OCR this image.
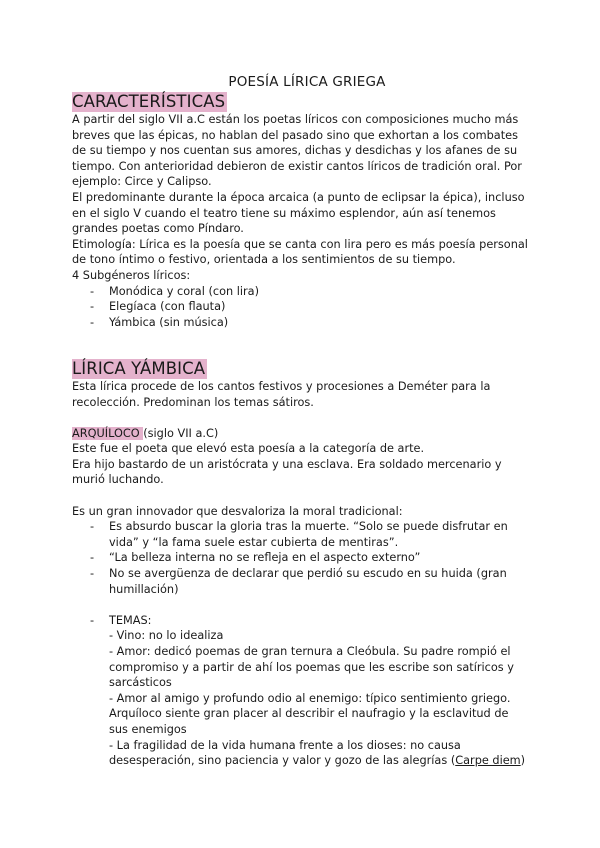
POESÍA LÍRICA GRIEGA
CARACTERÍSTICAS
A partir del siglo VII a.C están los poetas líricos con composiciones mucho más
breves que las épicas, no hablan del pasado sino que exhortan a los combates
de su tiempo y nos cuentan sus amores, dichas y desdichas y los afanes de su
tiempo. Con anterioridad debieron de existir cantos líricos de tradición oral. Por
ejemplo: Circe y Calipso.
El predominante durante la época arcaica (a punto de eclipsar la épica), incluso
en el siglo V cuando el teatro tiene su máximo esplendor, aún así tenemos
grandes poetas como Píndaro.
Etimología: Lírica es la poesía que se canta con lira pero es más poesía personal
de tono íntimo o festivo, orientada a los sentimientos de su tiempo.
4 Subgéneros líricos:
- Monódica y coral (con lira)
- Elegíaca (con flauta)
- Yámbica (sin música)
LÍRICA YÁMBICA
Esta lírica procede de los cantos festivos y procesiones a Deméter para la
recolección. Predominan los temas sátiros.
ARQUÍLOCO (siglo VII a.C)
Este fue el poeta que elevó esta poesía a la categoría de arte.
Era hijo bastardo de un aristócrata y una esclava. Era soldado mercenario y
murió luchando.
Es un gran innovador que desvaloriza la moral tradicional:
- Es absurdo buscar la gloria tras la muerte. “Solo se puede disfrutar en
vida” y “la fama suele estar cubierta de mentiras”.
- “La belleza interna no se refleja en el aspecto externo”
- No se avergüenza de declarar que perdió su escudo en su huida (gran
humillación)
- TEMAS:
- Vino: no lo idealiza
- Amor: dedicó poemas de gran ternura a Cleóbula. Su padre rompió el
compromiso y a partir de ahí los poemas que les escribe son satíricos y
sarcásticos
- Amor al amigo y profundo odio al enemigo: típico sentimiento griego.
Arquíloco siente gran placer al describir el naufragio y la esclavitud de
sus enemigos
- La fragilidad de la vida humana frente a los dioses: no causa
desesperación, sino paciencia y valor y gozo de las alegrías (Carpe diem)
